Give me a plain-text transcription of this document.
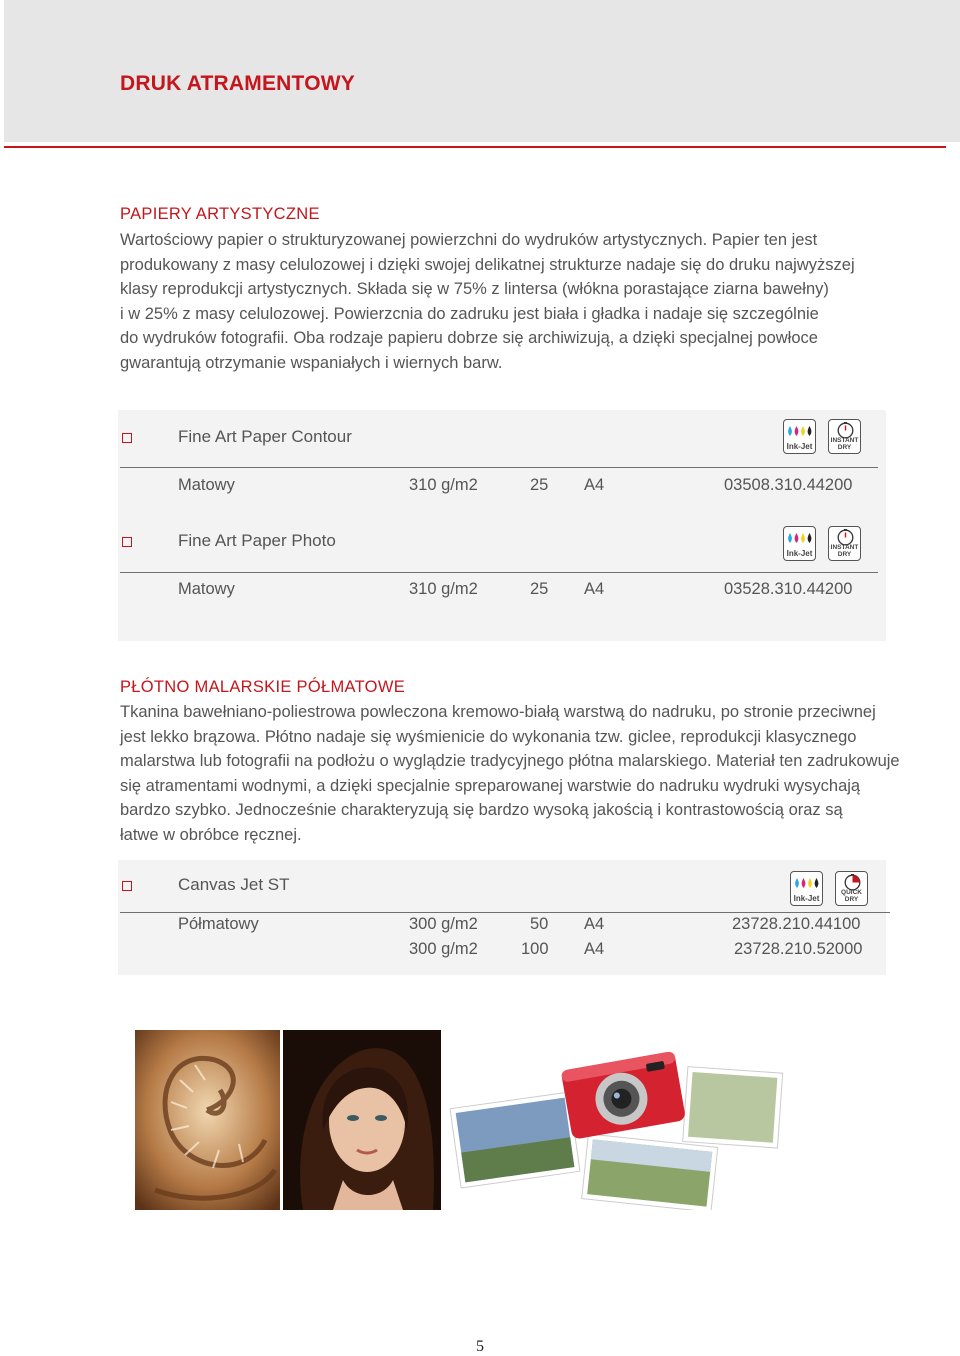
DRUK ATRAMENTOWY
PAPIERY ARTYSTYCZNE
Wartościowy papier o strukturyzowanej powierzchni do wydruków artystycznych. Papier ten jest
produkowany z masy celulozowej i dzięki swojej delikatnej strukturze nadaje się do druku najwyższej
klasy reprodukcji artystycznych. Składa się w 75% z lintersa (włókna porastające ziarna bawełny)
i w 25% z masy celulozowej. Powierzcnia do zadruku jest biała i gładka i nadaje się szczególnie
do wydruków fotografii. Oba rodzaje papieru dobrze się archiwizują, a dzięki specjalnej powłoce
gwarantują otrzymanie wspaniałych i wiernych barw.
Fine Art Paper Contour
Ink-Jet
INSTANT
DRY
Matowy	310 g/m2	25 A4	03508.310.44200
Fine Art Paper Photo
Ink-Jet
INSTANT
DRY
Matowy	310 g/m2	25 A4	03528.310.44200
PŁÓTNO MALARSKIE PÓŁMATOWE
Tkanina bawełniano-poliestrowa powleczona kremowo-białą warstwą do nadruku, po stronie przeciwnej
jest lekko brązowa. Płótno nadaje się wyśmienicie do wykonania tzw. giclee, reprodukcji klasycznego
malarstwa lub fotografii na podłożu o wyglądzie tradycyjnego płótna malarskiego. Materiał ten zadrukowuje
się atramentami wodnymi, a dzięki specjalnie spreparowanej warstwie do nadruku wydruki wysychają
bardzo szybko. Jednocześnie charakteryzują się bardzo wysoką jakością i kontrastowością oraz są
łatwe w obróbce ręcznej.
Canvas Jet ST
Ink-Jet
QUICK
DRY
Półmatowy	300 g/m2	50 A4	23728.210.44100
300 g/m2	100 A4	23728.210.52000
5
